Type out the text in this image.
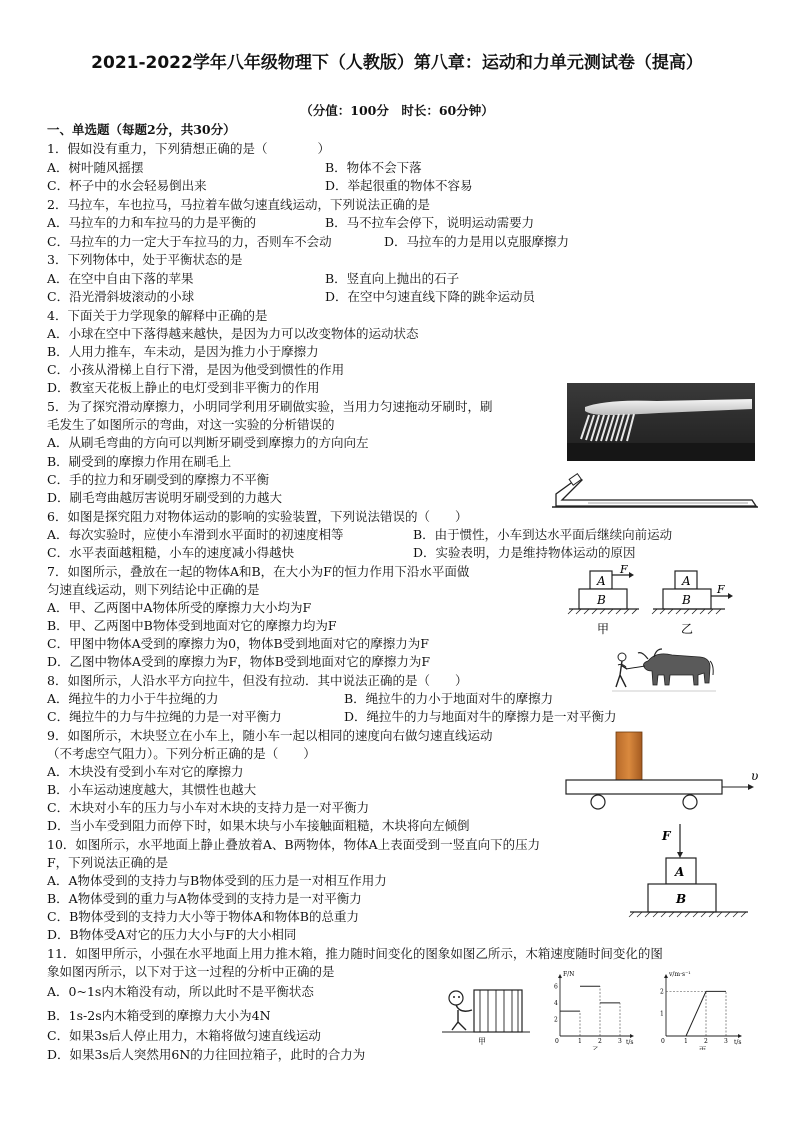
2021-2022学年八年级物理下（人教版）第八章：运动和力单元测试卷（提高）
（分值：100分　时长：60分钟）
一、单选题（每题2分，共30分）
1．假如没有重力，下列猜想正确的是（　　　　）
A．树叶随风摇摆	B．物体不会下落
C．杯子中的水会轻易倒出来	D．举起很重的物体不容易
2．马拉车，车也拉马，马拉着车做匀速直线运动，下列说法正确的是
A．马拉车的力和车拉马的力是平衡的	B．马不拉车会停下，说明运动需要力
C．马拉车的力一定大于车拉马的力，否则车不会动	D．马拉车的力是用以克服摩擦力
3．下列物体中，处于平衡状态的是
A．在空中自由下落的苹果	B．竖直向上抛出的石子
C．沿光滑斜坡滚动的小球	D．在空中匀速直线下降的跳伞运动员
4．下面关于力学现象的解释中正确的是
A．小球在空中下落得越来越快，是因为力可以改变物体的运动状态
B．人用力推车，车未动，是因为推力小于摩擦力
C．小孩从滑梯上自行下滑，是因为他受到惯性的作用
D．教室天花板上静止的电灯受到非平衡力的作用
5．为了探究滑动摩擦力，小明同学利用牙刷做实验，当用力匀速拖动牙刷时，刷
毛发生了如图所示的弯曲，对这一实验的分析错误的
A．从刷毛弯曲的方向可以判断牙刷受到摩擦力的方向向左
B．刷受到的摩擦力作用在刷毛上
C．手的拉力和牙刷受到的摩擦力不平衡
D．刷毛弯曲越厉害说明牙刷受到的力越大
6．如图是探究阻力对物体运动的影响的实验装置，下列说法错误的（　　）
A．每次实验时，应使小车滑到水平面时的初速度相等	B．由于惯性，小车到达水平面后继续向前运动
C．水平表面越粗糙，小车的速度减小得越快	D．实验表明，力是维持物体运动的原因
7．如图所示，叠放在一起的物体A和B，在大小为F的恒力作用下沿水平面做
匀速直线运动，则下列结论中正确的是
A．甲、乙两图中A物体所受的摩擦力大小均为F
B．甲、乙两图中B物体受到地面对它的摩擦力均为F
C．甲图中物体A受到的摩擦力为0，物体B受到地面对它的摩擦力为F
D．乙图中物体A受到的摩擦力为F，物体B受到地面对它的摩擦力为F
A
B
F
甲
A
B
F
乙
8．如图所示，人沿水平方向拉牛，但没有拉动．其中说法正确的是（　　）
A．绳拉牛的力小于牛拉绳的力	B．绳拉牛的力小于地面对牛的摩擦力
C．绳拉牛的力与牛拉绳的力是一对平衡力	D．绳拉牛的力与地面对牛的摩擦力是一对平衡力
9．如图所示，木块竖立在小车上，随小车一起以相同的速度向右做匀速直线运动
（不考虑空气阻力）。下列分析正确的是（　　）
A．木块没有受到小车对它的摩擦力
B．小车运动速度越大，其惯性也越大
C．木块对小车的压力与小车对木块的支持力是一对平衡力
D．当小车受到阻力而停下时，如果木块与小车接触面粗糙，木块将向左倾倒
υ
10．如图所示，水平地面上静止叠放着A、B两物体，物体A上表面受到一竖直向下的压力
F，下列说法正确的是
A．A物体受到的支持力与B物体受到的压力是一对相互作用力
B．A物体受到的重力与A物体受到的支持力是一对平衡力
C．B物体受到的支持力大小等于物体A和物体B的总重力
D．B物体受A对它的压力大小与F的大小相同
F
A
B
11．如图甲所示，小强在水平地面上用力推木箱，推力随时间变化的图象如图乙所示，木箱速度随时间变化的图
象如图丙所示，以下对于这一过程的分析中正确的是
A．0~1s内木箱没有动，所以此时不是平衡状态
B．1s-2s内木箱受到的摩擦力大小为4N
C．如果3s后人停止用力，木箱将做匀速直线运动
D．如果3s后人突然用6N的力往回拉箱子，此时的合力为
甲
F/N
t/s
乙
0
6
4
2
1	2	3
v/m·s⁻¹
t/s
丙
0
2
1
1	2	3
